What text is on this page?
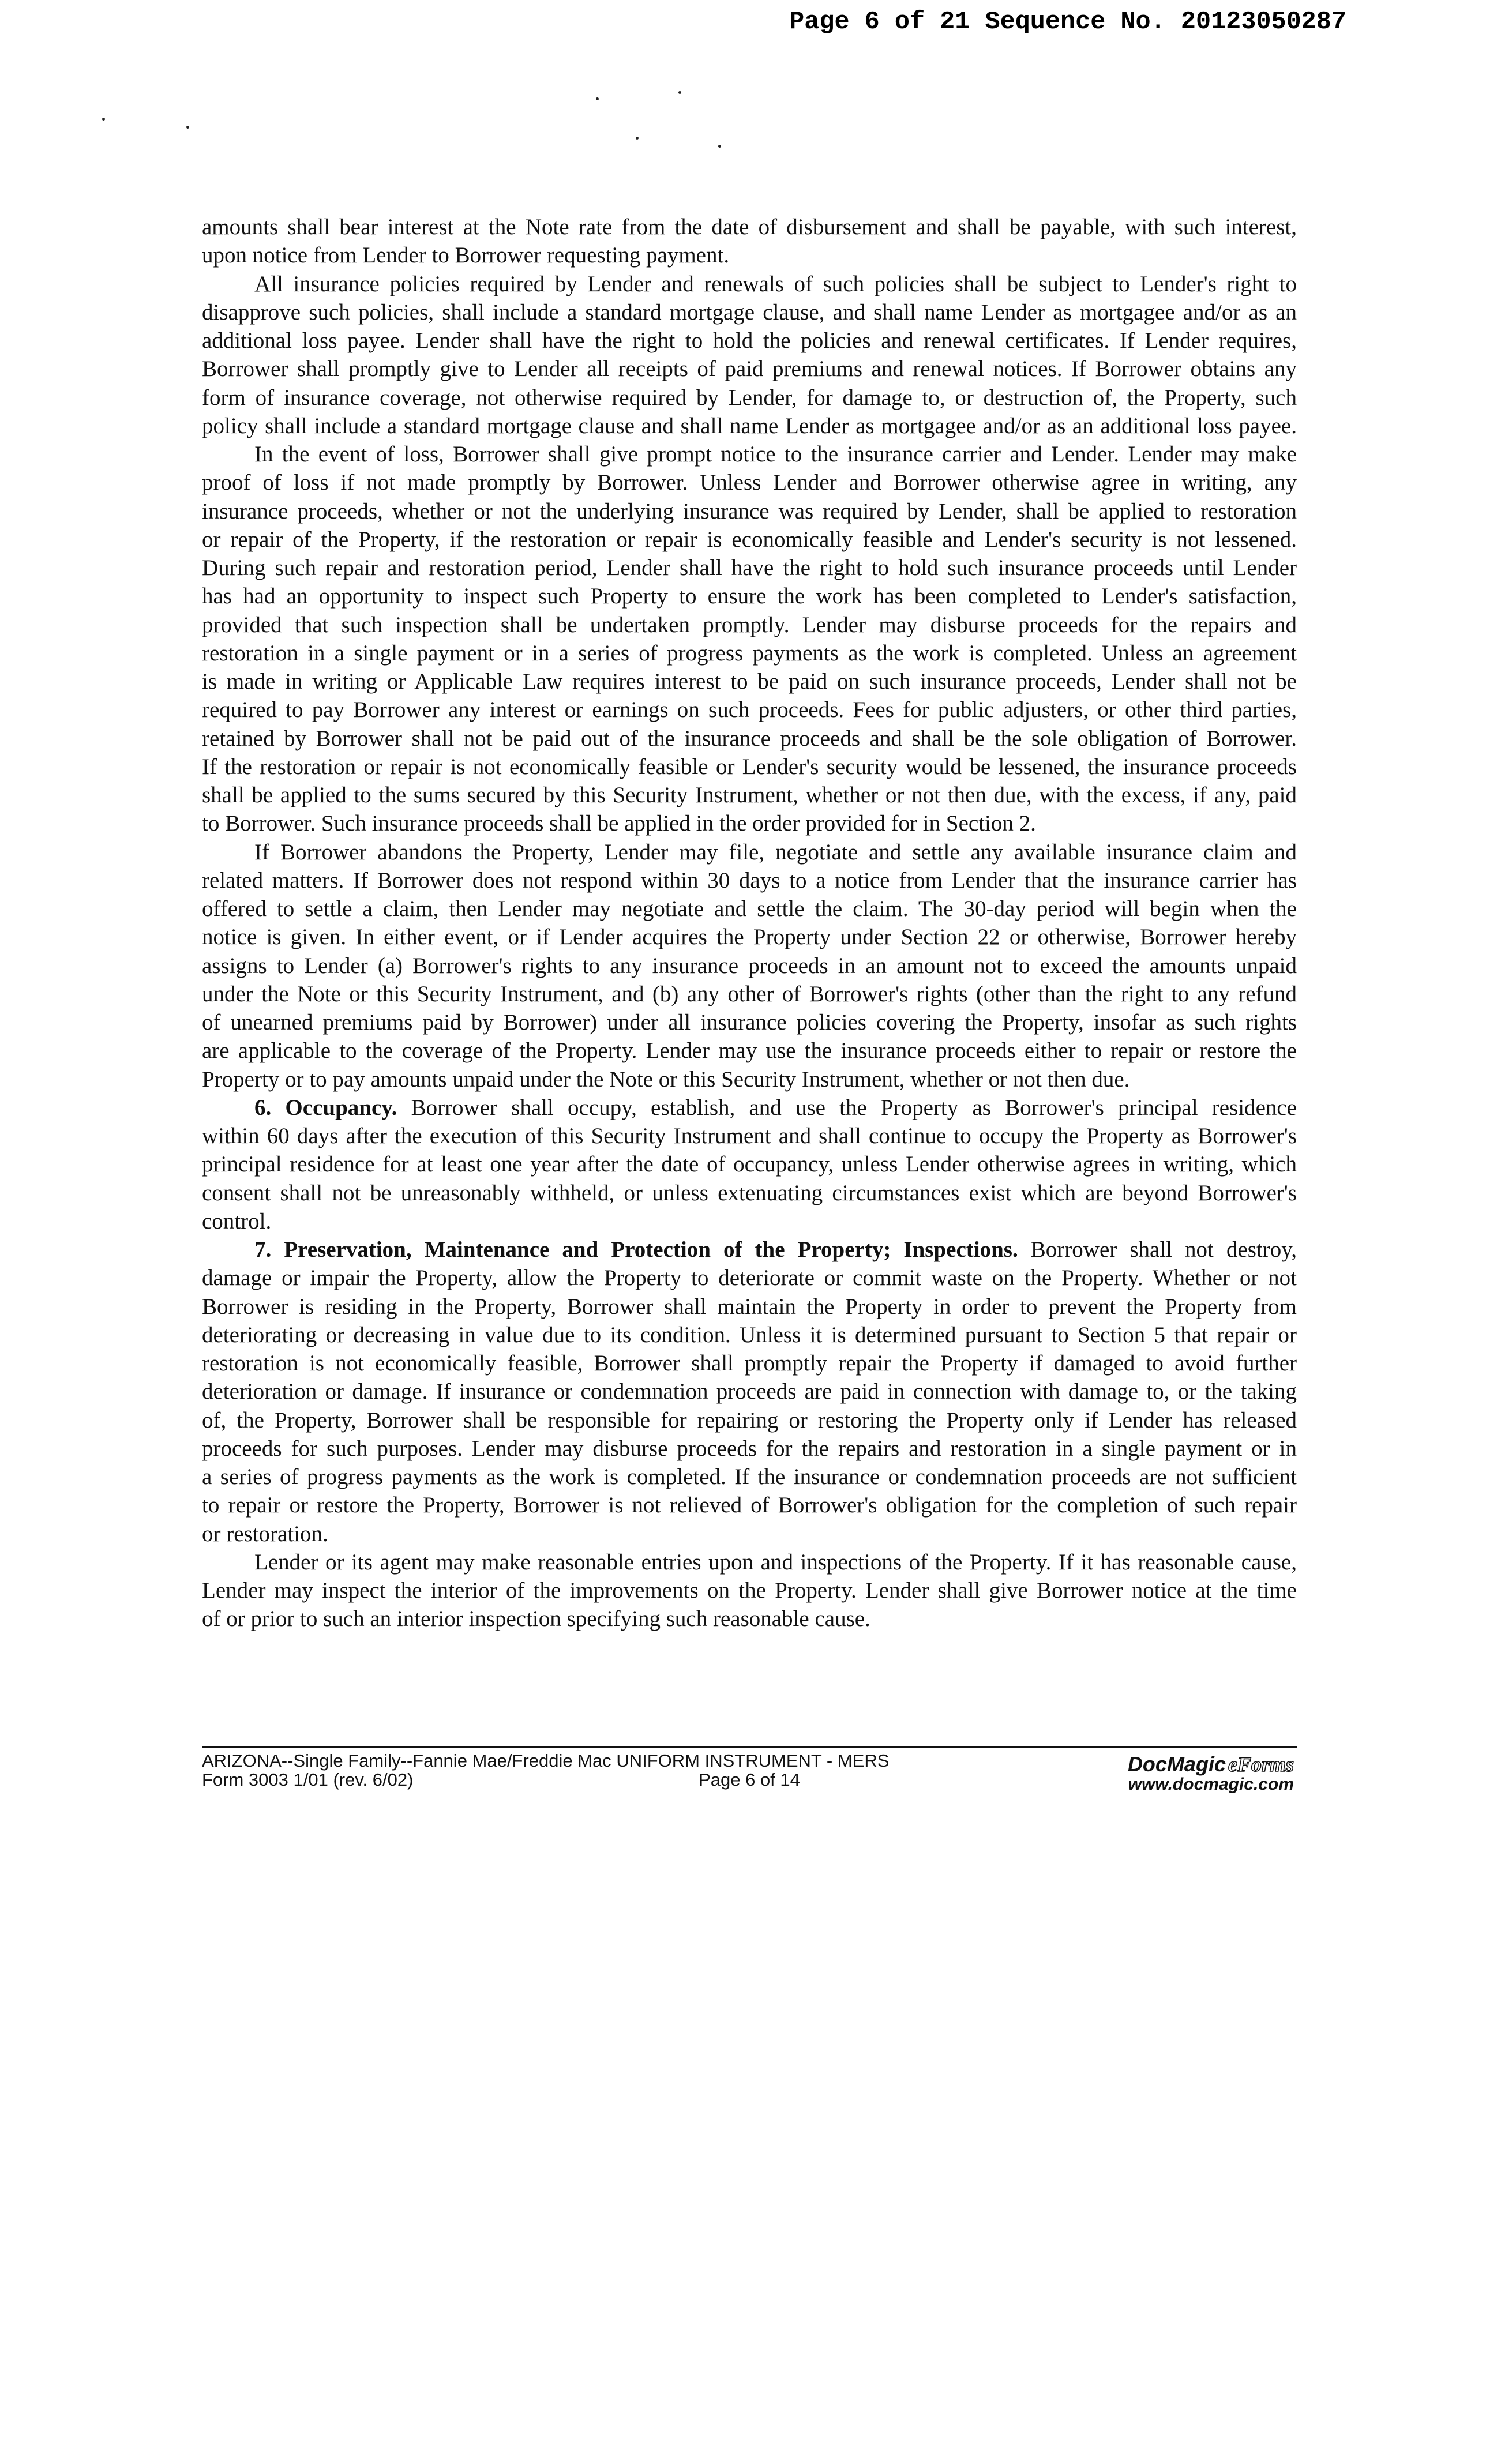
Page 6 of 21 Sequence No. 20123050287
amounts shall bear interest at the Note rate from the date of disbursement and shall be payable, with such interest,
upon notice from Lender to Borrower requesting payment.
All insurance policies required by Lender and renewals of such policies shall be subject to Lender's right to
disapprove such policies, shall include a standard mortgage clause, and shall name Lender as mortgagee and/or as an
additional loss payee. Lender shall have the right to hold the policies and renewal certificates. If Lender requires,
Borrower shall promptly give to Lender all receipts of paid premiums and renewal notices. If Borrower obtains any
form of insurance coverage, not otherwise required by Lender, for damage to, or destruction of, the Property, such
policy shall include a standard mortgage clause and shall name Lender as mortgagee and/or as an additional loss payee.
In the event of loss, Borrower shall give prompt notice to the insurance carrier and Lender. Lender may make
proof of loss if not made promptly by Borrower. Unless Lender and Borrower otherwise agree in writing, any
insurance proceeds, whether or not the underlying insurance was required by Lender, shall be applied to restoration
or repair of the Property, if the restoration or repair is economically feasible and Lender's security is not lessened.
During such repair and restoration period, Lender shall have the right to hold such insurance proceeds until Lender
has had an opportunity to inspect such Property to ensure the work has been completed to Lender's satisfaction,
provided that such inspection shall be undertaken promptly. Lender may disburse proceeds for the repairs and
restoration in a single payment or in a series of progress payments as the work is completed. Unless an agreement
is made in writing or Applicable Law requires interest to be paid on such insurance proceeds, Lender shall not be
required to pay Borrower any interest or earnings on such proceeds. Fees for public adjusters, or other third parties,
retained by Borrower shall not be paid out of the insurance proceeds and shall be the sole obligation of Borrower.
If the restoration or repair is not economically feasible or Lender's security would be lessened, the insurance proceeds
shall be applied to the sums secured by this Security Instrument, whether or not then due, with the excess, if any, paid
to Borrower. Such insurance proceeds shall be applied in the order provided for in Section 2.
If Borrower abandons the Property, Lender may file, negotiate and settle any available insurance claim and
related matters. If Borrower does not respond within 30 days to a notice from Lender that the insurance carrier has
offered to settle a claim, then Lender may negotiate and settle the claim. The 30-day period will begin when the
notice is given. In either event, or if Lender acquires the Property under Section 22 or otherwise, Borrower hereby
assigns to Lender (a) Borrower's rights to any insurance proceeds in an amount not to exceed the amounts unpaid
under the Note or this Security Instrument, and (b) any other of Borrower's rights (other than the right to any refund
of unearned premiums paid by Borrower) under all insurance policies covering the Property, insofar as such rights
are applicable to the coverage of the Property. Lender may use the insurance proceeds either to repair or restore the
Property or to pay amounts unpaid under the Note or this Security Instrument, whether or not then due.
6. Occupancy. Borrower shall occupy, establish, and use the Property as Borrower's principal residence
within 60 days after the execution of this Security Instrument and shall continue to occupy the Property as Borrower's
principal residence for at least one year after the date of occupancy, unless Lender otherwise agrees in writing, which
consent shall not be unreasonably withheld, or unless extenuating circumstances exist which are beyond Borrower's
control.
7. Preservation, Maintenance and Protection of the Property; Inspections. Borrower shall not destroy,
damage or impair the Property, allow the Property to deteriorate or commit waste on the Property. Whether or not
Borrower is residing in the Property, Borrower shall maintain the Property in order to prevent the Property from
deteriorating or decreasing in value due to its condition. Unless it is determined pursuant to Section 5 that repair or
restoration is not economically feasible, Borrower shall promptly repair the Property if damaged to avoid further
deterioration or damage. If insurance or condemnation proceeds are paid in connection with damage to, or the taking
of, the Property, Borrower shall be responsible for repairing or restoring the Property only if Lender has released
proceeds for such purposes. Lender may disburse proceeds for the repairs and restoration in a single payment or in
a series of progress payments as the work is completed. If the insurance or condemnation proceeds are not sufficient
to repair or restore the Property, Borrower is not relieved of Borrower's obligation for the completion of such repair
or restoration.
Lender or its agent may make reasonable entries upon and inspections of the Property. If it has reasonable cause,
Lender may inspect the interior of the improvements on the Property. Lender shall give Borrower notice at the time
of or prior to such an interior inspection specifying such reasonable cause.
ARIZONA--Single Family--Fannie Mae/Freddie Mac UNIFORM INSTRUMENT - MERS
Form 3003 1/01 (rev. 6/02)	Page 6 of 14
DocMagic eForms
www.docmagic.com
